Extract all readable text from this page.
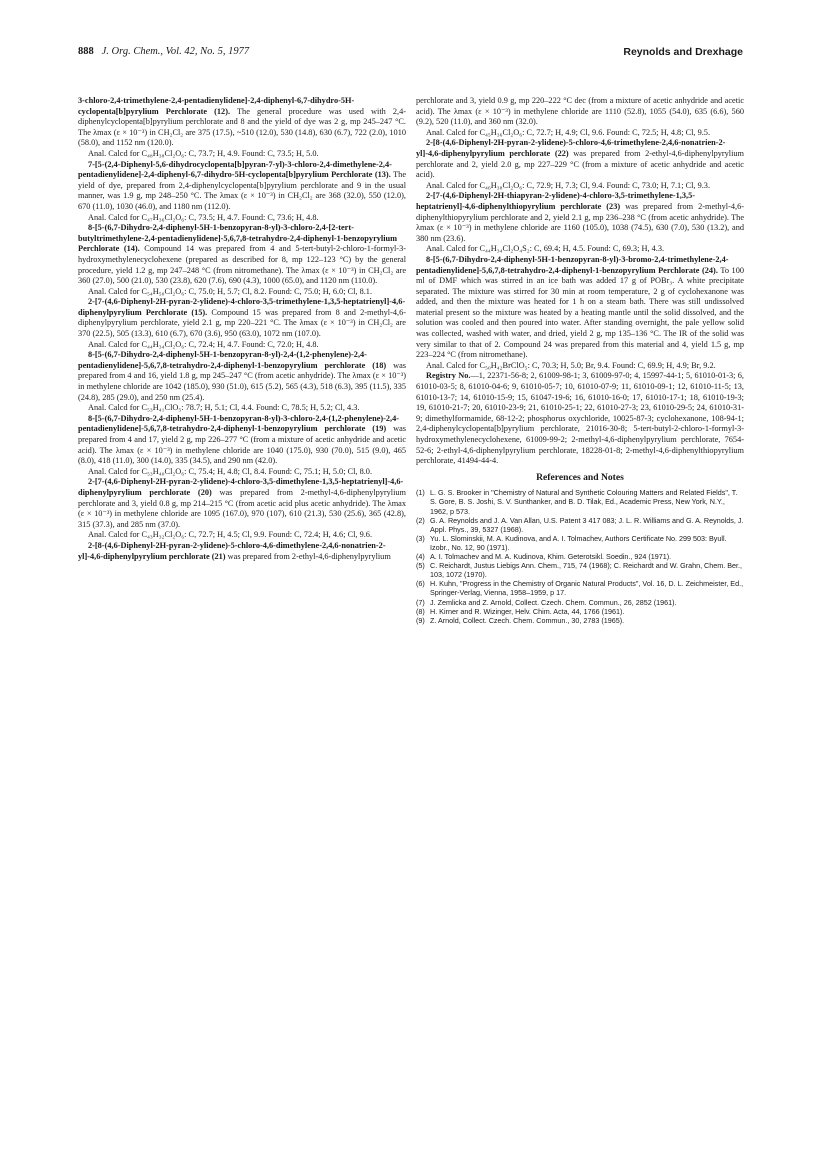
888 J. Org. Chem., Vol. 42, No. 5, 1977	Reynolds and Drexhage

3-chloro-2,4-trimethylene-2,4-pentadienylidene]-2,4-diphenyl-6,7-dihydro-5H-cyclopenta[b]pyrylium Perchlorate (12). The general procedure was used with 2,4-diphenylcyclopenta[b]pyrylium perchlorate and 8 and the yield of dye was 2 g, mp 245–247 °C. The λmax (ε × 10⁻³) in CH₂Cl₂ are 375 (17.5), ~510 (12.0), 530 (14.8), 630 (6.7), 722 (2.0), 1010 (58.0), and 1152 nm (120.0).

Anal. Calcd for C₄₈H₃₈Cl₂O₆: C, 73.7; H, 4.9. Found: C, 73.5; H, 5.0.

7-[5-(2,4-Diphenyl-5,6-dihydrocyclopenta[b]pyran-7-yl)-3-chloro-2,4-dimethylene-2,4-pentadienylidene]-2,4-diphenyl-6,7-dihydro-5H-cyclopenta[b]pyrylium Perchlorate (13). The yield of dye, prepared from 2,4-diphenylcyclopenta[b]pyrylium perchlorate and 9 in the usual manner, was 1.9 g, mp 248–250 °C. The λmax (ε × 10⁻³) in CH₂Cl₂ are 368 (32.0), 550 (12.0), 670 (11.0), 1030 (46.0), and 1180 nm (112.0).

Anal. Calcd for C₄₇H₃₆Cl₂O₆: C, 73.5; H, 4.7. Found: C, 73.6; H, 4.8.

8-[5-(6,7-Dihydro-2,4-diphenyl-5H-1-benzopyran-8-yl)-3-chloro-2,4-[2-tert-butyltrimethylene-2,4-pentadienylidene]-5,6,7,8-tetrahydro-2,4-diphenyl-1-benzopyrylium Perchlorate (14). Compound 14 was prepared from 4 and 5-tert-butyl-2-chloro-1-formyl-3-hydroxymethylenecyclohexene (prepared as described for 8, mp 122–123 °C) by the general procedure, yield 1.2 g, mp 247–248 °C (from nitromethane). The λmax (ε × 10⁻³) in CH₂Cl₂ are 360 (27.0), 500 (21.0), 530 (23.8), 620 (7.6), 690 (4.3), 1000 (65.0), and 1120 nm (110.0).

Anal. Calcd for C₅₄H₅₀Cl₂O₆: C, 75.0; H, 5.7; Cl, 8.2. Found: C, 75.0; H, 6.0; Cl, 8.1.

2-[7-(4,6-Diphenyl-2H-pyran-2-ylidene)-4-chloro-3,5-trimethylene-1,3,5-heptatrienyl]-4,6-diphenylpyrylium Perchlorate (15). Compound 15 was prepared from 8 and 2-methyl-4,6-diphenylpyrylium perchlorate, yield 2.1 g, mp 220–221 °C. The λmax (ε × 10⁻³) in CH₂Cl₂ are 370 (22.5), 505 (13.3), 610 (6.7), 670 (3.6), 950 (63.0), 1072 nm (107.0).

Anal. Calcd for C₄₄H₃₄Cl₂O₆: C, 72.4; H, 4.7. Found: C, 72.0; H, 4.8.

8-[5-(6,7-Dihydro-2,4-diphenyl-5H-1-benzopyran-8-yl)-2,4-(1,2-phenylene)-2,4-pentadienylidene]-5,6,7,8-tetrahydro-2,4-diphenyl-1-benzopyrylium perchlorate (18) was prepared from 4 and 16, yield 1.8 g, mp 245–247 °C (from acetic anhydride). The λmax (ε × 10⁻³) in methylene chloride are 1042 (185.0), 930 (51.0), 615 (5.2), 565 (4.3), 518 (6.3), 395 (11.5), 335 (24.8), 285 (29.0), and 250 nm (25.4).

Anal. Calcd for C₅₃H₄₁ClO₅: 78.7; H, 5.1; Cl, 4.4. Found: C, 78.5; H, 5.2; Cl, 4.3.

8-[5-(6,7-Dihydro-2,4-diphenyl-5H-1-benzopyran-8-yl)-3-chloro-2,4-(1,2-phenylene)-2,4-pentadienylidene]-5,6,7,8-tetrahydro-2,4-diphenyl-1-benzopyrylium perchlorate (19) was prepared from 4 and 17, yield 2 g, mp 226–277 °C (from a mixture of acetic anhydride and acetic acid). The λmax (ε × 10⁻³) in methylene chloride are 1040 (175.0), 930 (70.0), 515 (9.0), 465 (8.0), 418 (11.0), 300 (14.0), 335 (34.5), and 290 nm (42.0).

Anal. Calcd for C₅₃H₄₀Cl₂O₆: C, 75.4; H, 4.8; Cl, 8.4. Found: C, 75.1; H, 5.0; Cl, 8.0.

2-[7-(4,6-Diphenyl-2H-pyran-2-ylidene)-4-chloro-3,5-dimethylene-1,3,5-heptatrienyl]-4,6-diphenylpyrylium perchlorate (20) was prepared from 2-methyl-4,6-diphenylpyrylium perchlorate and 3, yield 0.8 g, mp 214–215 °C (from acetic acid plus acetic anhydride). The λmax (ε × 10⁻³) in methylene chloride are 1095 (167.0), 970 (107), 610 (21.3), 530 (25.6), 365 (42.8), 315 (37.3), and 285 nm (37.0).

Anal. Calcd for C₄₃H₃₂Cl₂O₆: C, 72.7; H, 4.5; Cl, 9.9. Found: C, 72.4; H, 4.6; Cl, 9.6.

2-[8-(4,6-Diphenyl-2H-pyran-2-ylidene)-5-chloro-4,6-dimethylene-2,4,6-nonatrien-2-yl]-4,6-diphenylpyrylium perchlorate (21) was prepared from 2-ethyl-4,6-diphenylpyrylium

perchlorate and 3, yield 0.9 g, mp 220–222 °C dec (from a mixture of acetic anhydride and acetic acid). The λmax (ε × 10⁻³) in methylene chloride are 1110 (52.8), 1055 (54.0), 635 (6.6), 560 (9.2), 520 (11.0), and 360 nm (32.0).

Anal. Calcd for C₄₅H₃₆Cl₂O₆: C, 72.7; H, 4.9; Cl, 9.6. Found: C, 72.5; H, 4.8; Cl, 9.5.

2-[8-(4,6-Diphenyl-2H-pyran-2-ylidene)-5-chloro-4,6-trimethylene-2,4,6-nonatrien-2-yl]-4,6-diphenylpyrylium perchlorate (22) was prepared from 2-ethyl-4,6-diphenylpyrylium perchlorate and 2, yield 2.0 g, mp 227–229 °C (from a mixture of acetic anhydride and acetic acid).

Anal. Calcd for C₄₆H₃₈Cl₂O₆: C, 72.9; H, 7.3; Cl, 9.4. Found: C, 73.0; H, 7.1; Cl, 9.3.

2-[7-(4,6-Diphenyl-2H-thiapyran-2-ylidene)-4-chloro-3,5-trimethylene-1,3,5-heptatrienyl]-4,6-diphenylthiopyrylium perchlorate (23) was prepared from 2-methyl-4,6-diphenylthiopyrylium perchlorate and 2, yield 2.1 g, mp 236–238 °C (from acetic anhydride). The λmax (ε × 10⁻³) in methylene chloride are 1160 (105.0), 1038 (74.5), 630 (7.0), 530 (13.2), and 380 nm (23.6).

Anal. Calcd for C₄₄H₃₄Cl₂O₄S₂: C, 69.4; H, 4.5. Found: C, 69.3; H, 4.3.

8-[5-(6,7-Dihydro-2,4-diphenyl-5H-1-benzopyran-8-yl)-3-bromo-2,4-trimethylene-2,4-pentadienylidene]-5,6,7,8-tetrahydro-2,4-diphenyl-1-benzopyrylium Perchlorate (24). To 100 ml of DMF which was stirred in an ice bath was added 17 g of POBr₃. A white precipitate separated. The mixture was stirred for 30 min at room temperature, 2 g of cyclohexanone was added, and then the mixture was heated for 1 h on a steam bath. There was still undissolved material present so the mixture was heated by a heating mantle until the solid dissolved, and the solution was cooled and then poured into water. After standing overnight, the pale yellow solid was collected, washed with water, and dried, yield 2 g, mp 135–136 °C. The IR of the solid was very similar to that of 2. Compound 24 was prepared from this material and 4, yield 1.5 g, mp 223–224 °C (from nitromethane).

Anal. Calcd for C₅₀H₄₂BrClO₅: C, 70.3; H, 5.0; Br, 9.4. Found: C, 69.9; H, 4.9; Br, 9.2.

Registry No.—1, 22371-56-8; 2, 61009-98-1; 3, 61009-97-0; 4, 15997-44-1; 5, 61010-01-3; 6, 61010-03-5; 8, 61010-04-6; 9, 61010-05-7; 10, 61010-07-9; 11, 61010-09-1; 12, 61010-11-5; 13, 61010-13-7; 14, 61010-15-9; 15, 61047-19-6; 16, 61010-16-0; 17, 61010-17-1; 18, 61010-19-3; 19, 61010-21-7; 20, 61010-23-9; 21, 61010-25-1; 22, 61010-27-3; 23, 61010-29-5; 24, 61010-31-9; dimethylformamide, 68-12-2; phosphorus oxychloride, 10025-87-3; cyclohexanone, 108-94-1; 2,4-diphenylcyclopenta[b]pyrylium perchlorate, 21016-30-8; 5-tert-butyl-2-chloro-1-formyl-3-hydroxymethylenecyclohexene, 61009-99-2; 2-methyl-4,6-diphenylpyrylium perchlorate, 7654-52-6; 2-ethyl-4,6-diphenylpyrylium perchlorate, 18228-01-8; 2-methyl-4,6-diphenylthiopyrylium perchlorate, 41494-44-4.

References and Notes
(1) L. G. S. Brooker in "Chemistry of Natural and Synthetic Colouring Matters and Related Fields", T. S. Gore, B. S. Joshi, S. V. Sunthanker, and B. D. Tilak, Ed., Academic Press, New York, N.Y., 1962, p 573.
(2) G. A. Reynolds and J. A. Van Allan, U.S. Patent 3 417 083; J. L. R. Williams and G. A. Reynolds, J. Appl. Phys., 39, 5327 (1968).
(3) Yu. L. Slominskii, M. A. Kudinova, and A. I. Tolmachev, Authors Certificate No. 299 503: Byull. Izobr., No. 12, 90 (1971).
(4) A. I. Tolmachev and M. A. Kudinova, Khim. Geterotsikl. Soedin., 924 (1971).
(5) C. Reichardt, Justus Liebigs Ann. Chem., 715, 74 (1968); C. Reichardt and W. Grahn, Chem. Ber., 103, 1072 (1970).
(6) H. Kuhn, "Progress in the Chemistry of Organic Natural Products", Vol. 16, D. L. Zeichmeister, Ed., Springer-Verlag, Vienna, 1958–1959, p 17.
(7) J. Zemlicka and Z. Arnold, Collect. Czech. Chem. Commun., 26, 2852 (1961).
(8) H. Kirner and R. Wizinger, Helv. Chim. Acta, 44, 1766 (1961).
(9) Z. Arnold, Collect. Czech. Chem. Commun., 30, 2783 (1965).
